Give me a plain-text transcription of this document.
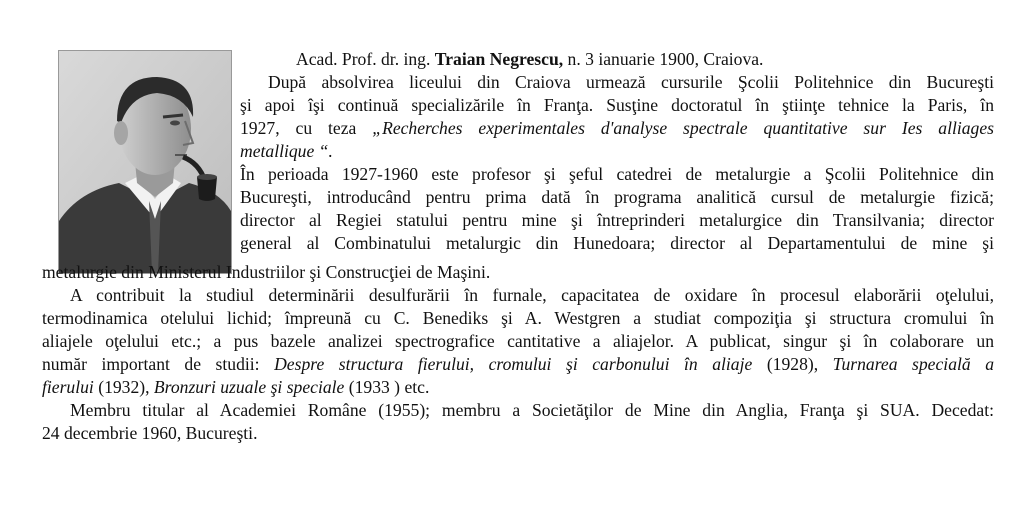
Acad. Prof. dr. ing. Traian Negrescu, n. 3 ianuarie 1900, Craiova.
După absolvirea liceului din Craiova urmează cursurile Şcolii Politehnice din Bucureşti
şi apoi îşi continuă specializările în Franţa. Susţine doctoratul în ştiinţe tehnice la Paris, în
1927, cu teza „Recherches experimentales d'analyse spectrale quantitative sur Ies alliages
metallique “.
În perioada 1927-1960 este profesor şi şeful catedrei de metalurgie a Şcolii Politehnice din
Bucureşti, introducând pentru prima dată în programa analitică cursul de metalurgie fizică;
director al Regiei statului pentru mine şi întreprinderi metalurgice din Transilvania; director
general al Combinatului metalurgic din Hunedoara; director al Departamentului de mine şi
metalurgie din Ministerul Industriilor şi Construcţiei de Maşini.
A contribuit la studiul determinării desulfurării în furnale, capacitatea de oxidare în procesul elaborării oţelului,
termodinamica otelului lichid; împreună cu C. Benediks şi A. Westgren a studiat compoziţia şi structura cromului în
aliajele oţelului etc.; a pus bazele analizei spectrografice cantitative a aliajelor. A publicat, singur şi în colaborare un
număr important de studii: Despre structura fierului, cromului şi carbonului în aliaje (1928), Turnarea specială a
fierului (1932), Bronzuri uzuale şi speciale (1933 ) etc.
Membru titular al Academiei Române (1955); membru a Societăţilor de Mine din Anglia, Franţa şi SUA. Decedat:
24 decembrie 1960, Bucureşti.
